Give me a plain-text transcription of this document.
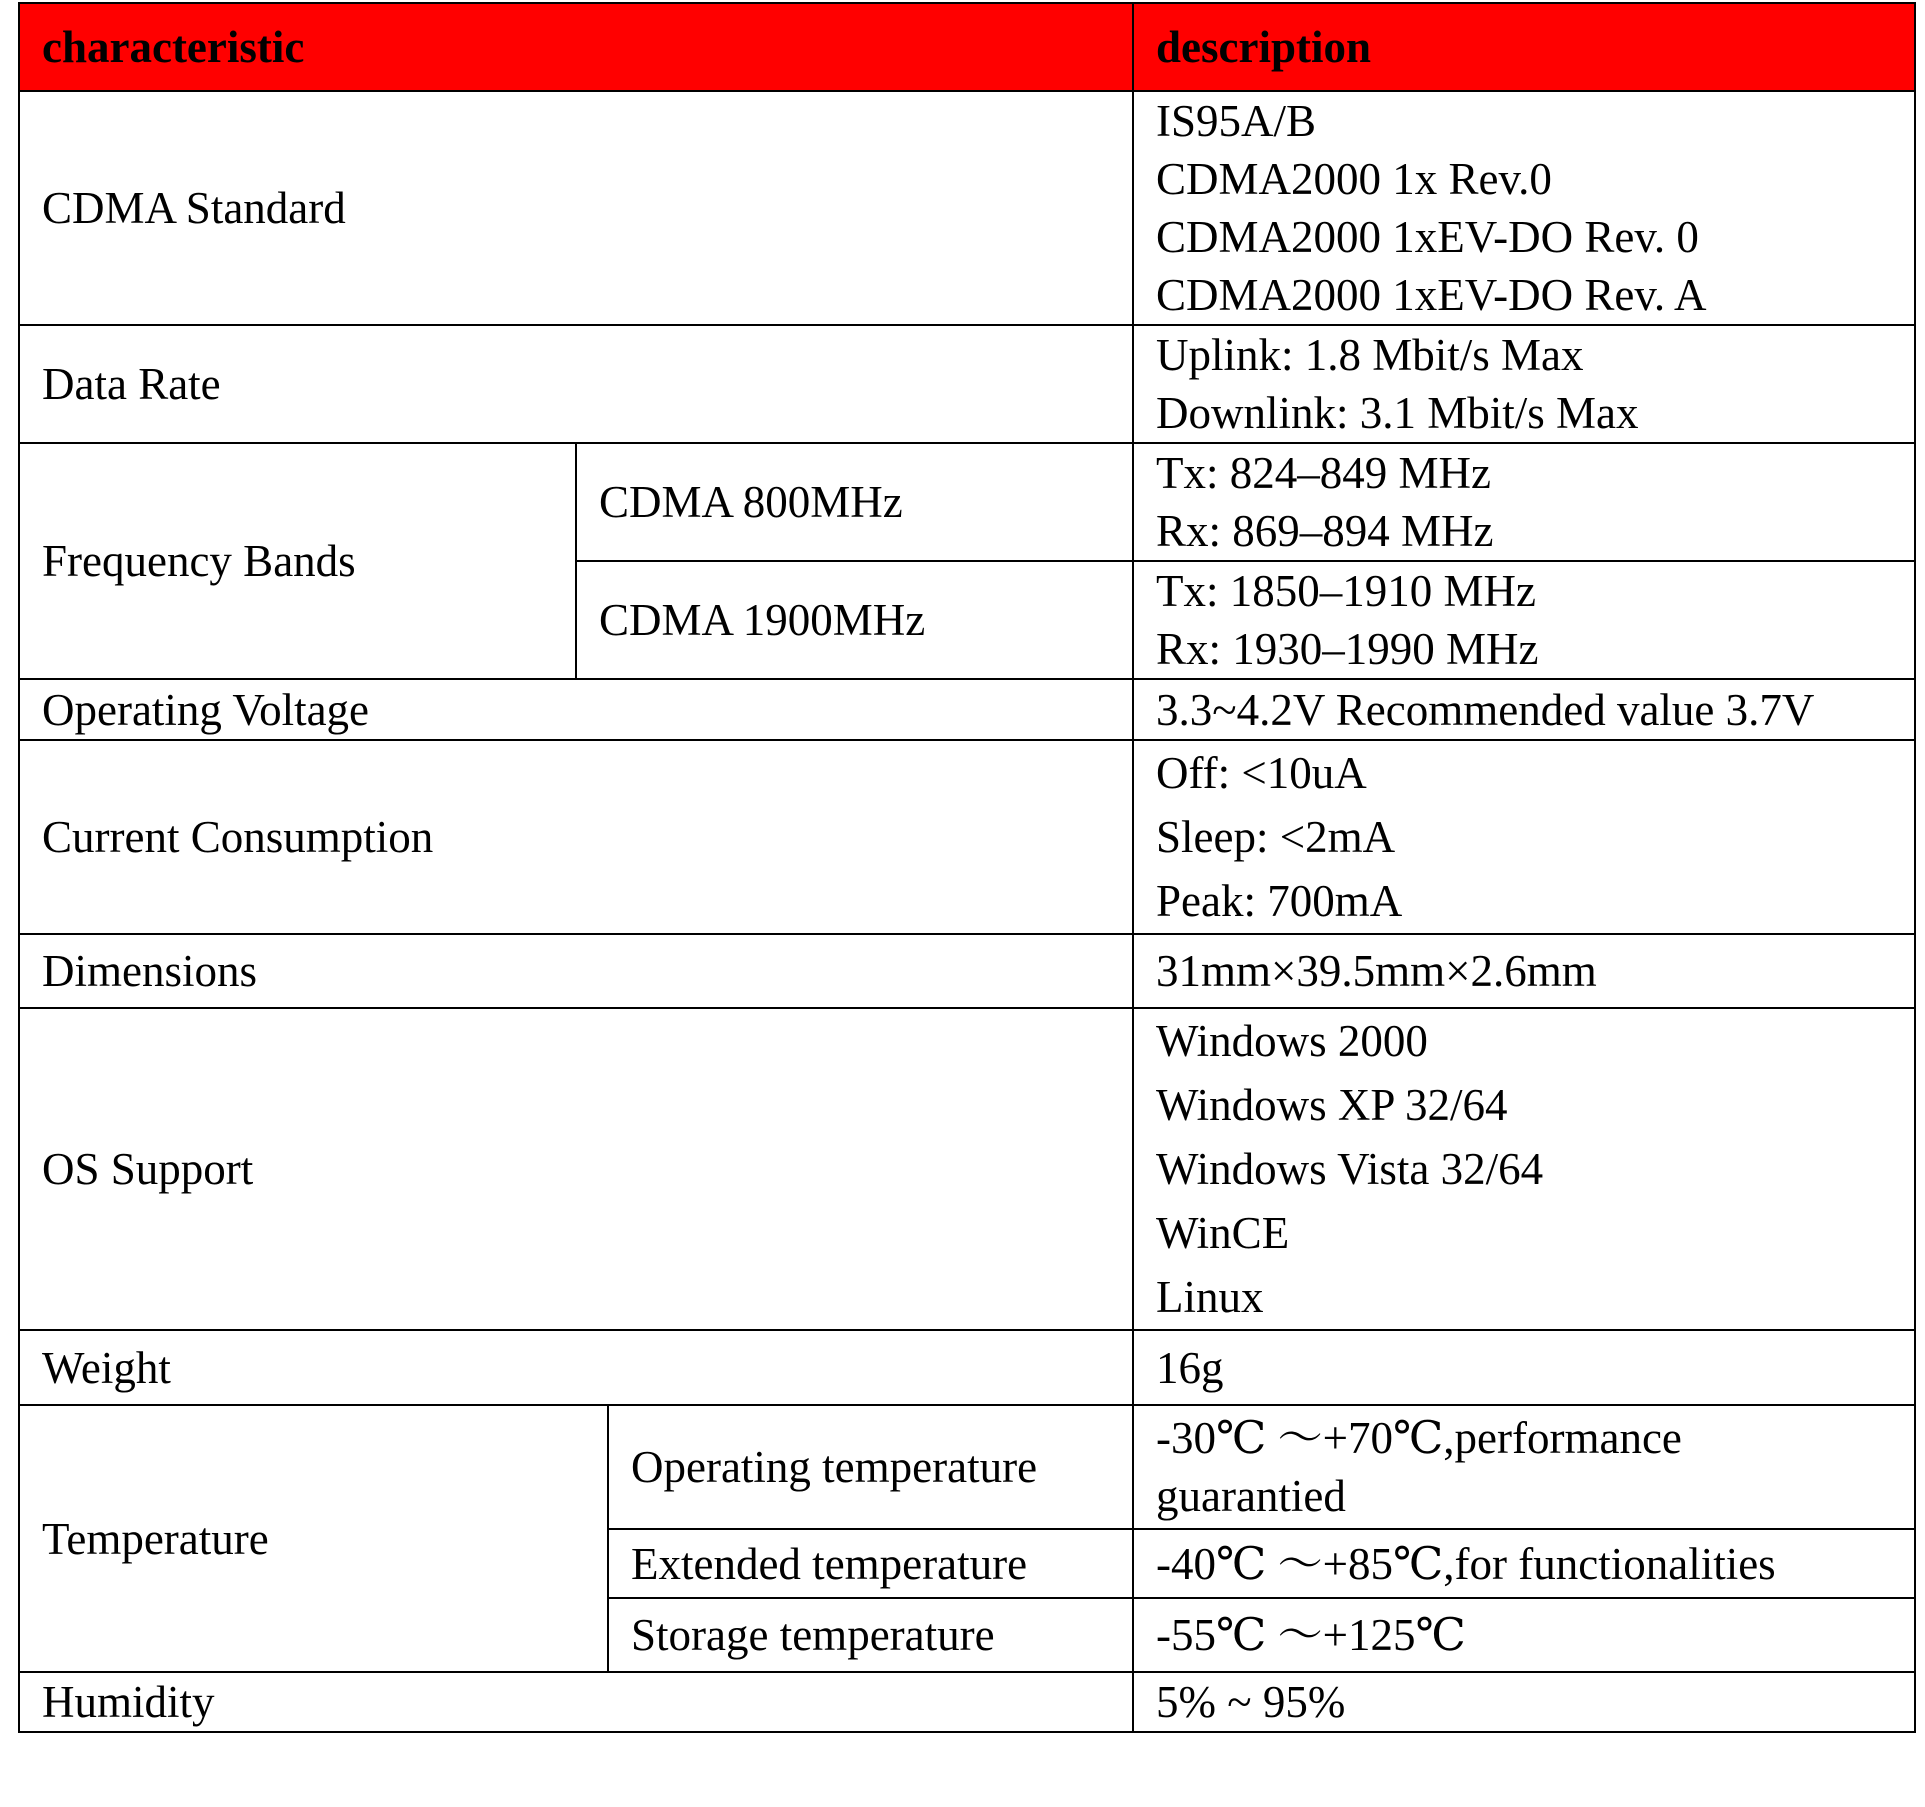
characteristic			description
CDMA Standard			IS95A/B
CDMA2000 1x Rev.0
CDMA2000 1xEV-DO Rev. 0
CDMA2000 1xEV-DO Rev. A

Data Rate			Uplink: 1.8 Mbit/s Max
Downlink: 3.1 Mbit/s Max

Frequency Bands	CDMA 800MHz		Tx: 824–849 MHz
Rx: 869–894 MHz

	CDMA 1900MHz		Tx: 1850–1910 MHz
Rx: 1930–1990 MHz

Operating Voltage			3.3~4.2V Recommended value 3.7V
Current Consumption			Off: <10uA
Sleep: <2mA
Peak: 700mA

Dimensions			31mm×39.5mm×2.6mm
OS Support			Windows 2000
Windows XP 32/64
Windows Vista 32/64
WinCE
Linux

Weight			16g
Temperature		Operating temperature	-30℃ ～+70℃,performance guarantied
		Extended temperature	-40℃ ～+85℃,for functionalities
		Storage temperature	-55℃ ～+125℃
Humidity			5% ~ 95%
